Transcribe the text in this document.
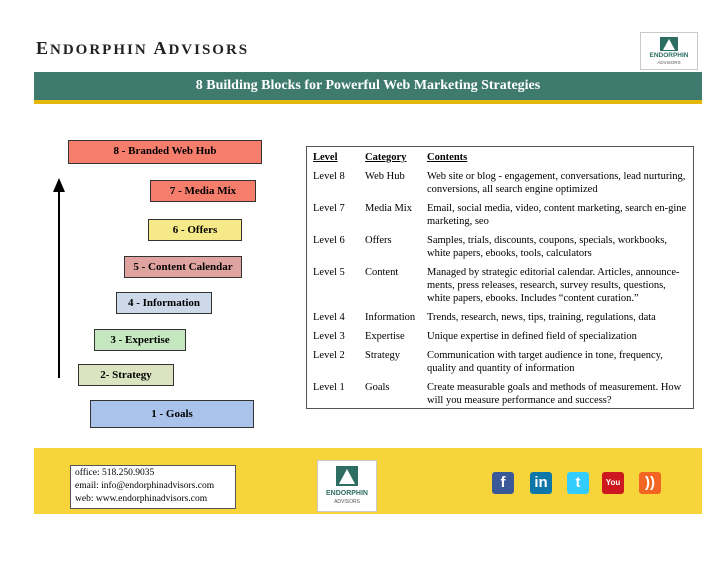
ENDORPHIN ADVISORS	ENDORPHIN
ADVISORS
8 Building Blocks for Powerful Web Marketing Strategies
8 - Branded Web Hub
7 - Media Mix
6 - Offers
5 - Content Calendar
4 - Information
3 - Expertise
2- Strategy
1 - Goals
Level	Category	Contents
Level 8	Web Hub	Web site or blog - engagement, conversations, lead nurturing, conversions, all search engine optimized
Level 7	Media Mix	Email, social media, video, content marketing, search en-gine marketing, seo
Level 6	Offers	Samples, trials, discounts, coupons, specials, workbooks, white papers, ebooks, tools, calculators
Level 5	Content	Managed by strategic editorial calendar. Articles, announce-ments, press releases, research, survey results, questions, white papers, ebooks. Includes “content curation.”
Level 4	Information	Trends, research, news, tips, training, regulations, data
Level 3	Expertise	Unique expertise in defined field of specialization
Level 2	Strategy	Communication with target audience in tone, frequency, quality and quantity of information
Level 1	Goals	Create measurable goals and methods of measurement. How will you measure performance and success?
office: 518.250.9035
email: info@endorphinadvisors.com
web: www.endorphinadvisors.com
ENDORPHIN
ADVISORS
f	in	t	You	))
